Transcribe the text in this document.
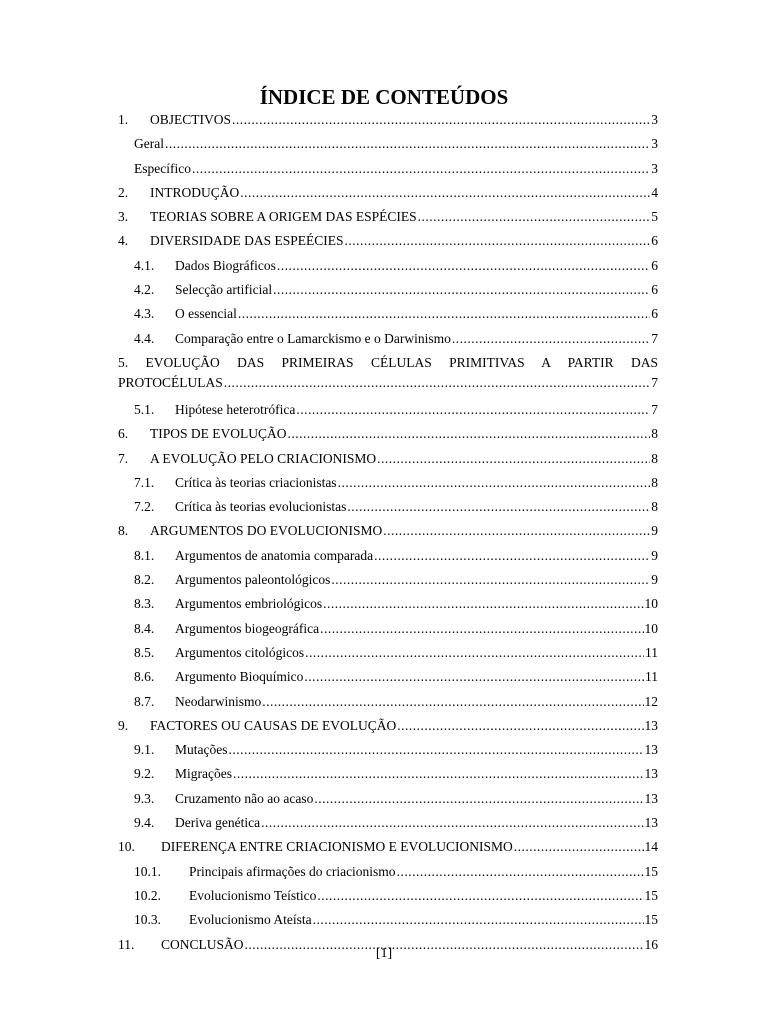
ÍNDICE DE CONTEÚDOS
1.	OBJECTIVOS .....	3
Geral .....	3
Específico .....	3
2.	INTRODUÇÃO .....	4
3.	TEORIAS SOBRE A ORIGEM DAS ESPÉCIES .....	5
4.	DIVERSIDADE DAS ESPEÉCIES .....	6
4.1.	Dados Biográficos .....	6
4.2.	Selecção artificial .....	6
4.3.	O essencial .....	6
4.4.	Comparação entre o Lamarckismo e o Darwinismo .....	7
5. EVOLUÇÃO DAS PRIMEIRAS CÉLULAS PRIMITIVAS A PARTIR DAS
PROTOCÉLULAS .....	7
5.1.	Hipótese heterotrófica .....	7
6.	TIPOS DE EVOLUÇÃO .....	8
7.	A EVOLUÇÃO PELO CRIACIONISMO .....	8
7.1.	Crítica às teorias criacionistas .....	8
7.2.	Crítica às teorias evolucionistas .....	8
8.	ARGUMENTOS DO EVOLUCIONISMO .....	9
8.1.	Argumentos de anatomia comparada .....	9
8.2.	Argumentos paleontológicos .....	9
8.3.	Argumentos embriológicos .....	10
8.4.	Argumentos biogeográfica .....	10
8.5.	Argumentos citológicos .....	11
8.6.	Argumento Bioquímico .....	11
8.7.	Neodarwinismo .....	12
9.	FACTORES OU CAUSAS DE EVOLUÇÃO .....	13
9.1.	Mutações .....	13
9.2.	Migrações .....	13
9.3.	Cruzamento não ao acaso .....	13
9.4.	Deriva genética .....	13
10.	DIFERENÇA ENTRE CRIACIONISMO E EVOLUCIONISMO .....	14
10.1.	Principais afirmações do criacionismo .....	15
10.2.	Evolucionismo Teístico .....	15
10.3.	Evolucionismo Ateísta .....	15
11.	CONCLUSÃO .....	16
[1]
